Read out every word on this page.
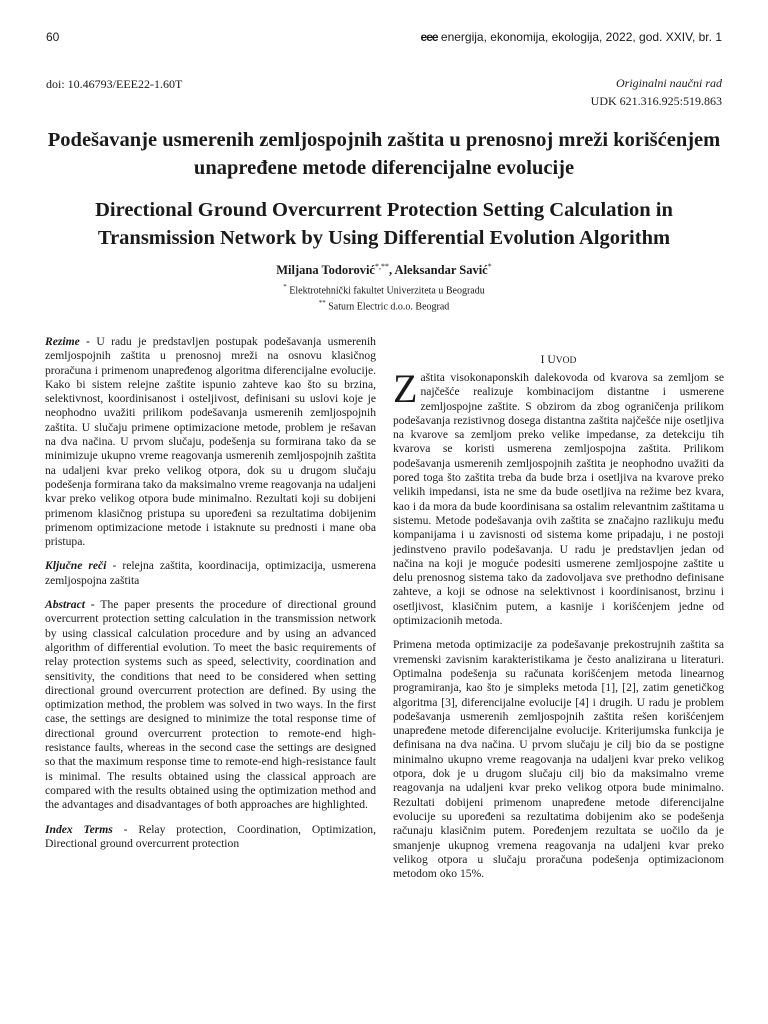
60	eee energija, ekonomija, ekologija, 2022, god. XXIV, br. 1
doi: 10.46793/EEE22-1.60T	Originalni naučni rad
UDK 621.316.925:519.863
Podešavanje usmerenih zemljospojnih zaštita u prenosnoj mreži korišćenjem unapređene metode diferencijalne evolucije
Directional Ground Overcurrent Protection Setting Calculation in Transmission Network by Using Differential Evolution Algorithm
Miljana Todorović*,**, Aleksandar Savić*
* Elektrotehnički fakultet Univerziteta u Beogradu
** Saturn Electric d.o.o. Beograd

Rezime - U radu je predstavljen postupak podešavanja usmerenih zemljospojnih zaštita u prenosnoj mreži na osnovu klasičnog proračuna i primenom unapređenog algoritma diferencijalne evolucije. Kako bi sistem relejne zaštite ispunio zahteve kao što su brzina, selektivnost, koordinisanost i osteljivost, definisani su uslovi koje je neophodno uvažiti prilikom podešavanja usmerenih zemljospojnih zaštita. U slučaju primene optimizacione metode, problem je rešavan na dva načina. U prvom slučaju, podešenja su formirana tako da se minimizuje ukupno vreme reagovanja usmerenih zemljospojnih zaštita na udaljeni kvar preko velikog otpora, dok su u drugom slučaju podešenja formirana tako da maksimalno vreme reagovanja na udaljeni kvar preko velikog otpora bude minimalno. Rezultati koji su dobijeni primenom klasičnog pristupa su upoređeni sa rezultatima dobijenim primenom optimizacione metode i istaknute su prednosti i mane oba pristupa.

Ključne reči - relejna zaštita, koordinacija, optimizacija, usmerena zemljospojna zaštita

Abstract - The paper presents the procedure of directional ground overcurrent protection setting calculation in the transmission network by using classical calculation procedure and by using an advanced algorithm of differential evolution. To meet the basic requirements of relay protection systems such as speed, selectivity, coordination and sensitivity, the conditions that need to be considered when setting directional ground overcurrent protection are defined. By using the optimization method, the problem was solved in two ways. In the first case, the settings are designed to minimize the total response time of directional ground overcurrent protection to remote-end high-resistance faults, whereas in the second case the settings are designed so that the maximum response time to remote-end high-resistance fault is minimal. The results obtained using the classical approach are compared with the results obtained using the optimization method and the advantages and disadvantages of both approaches are highlighted.

Index Terms - Relay protection, Coordination, Optimization, Directional ground overcurrent protection

I UVOD

Zaštita visokonaponskih dalekovoda od kvarova sa zemljom se najčešće realizuje kombinacijom distantne i usmerene zemljospojne zaštite. S obzirom da zbog ograničenja prilikom podešavanja rezistivnog dosega distantna zaštita najčešće nije osetljiva na kvarove sa zemljom preko velike impedanse, za detekciju tih kvarova se koristi usmerena zemljospojna zaštita. Prilikom podešavanja usmerenih zemljospojnih zaštita je neophodno uvažiti da pored toga što zaštita treba da bude brza i osetljiva na kvarove preko velikih impedansi, ista ne sme da bude osetljiva na režime bez kvara, kao i da mora da bude koordinisana sa ostalim relevantnim zaštitama u sistemu. Metode podešavanja ovih zaštita se značajno razlikuju među kompanijama i u zavisnosti od sistema kome pripadaju, i ne postoji jedinstveno pravilo podešavanja. U radu je predstavljen jedan od načina na koji je moguće podesiti usmerene zemljospojne zaštite u delu prenosnog sistema tako da zadovoljava sve prethodno definisane zahteve, a koji se odnose na selektivnost i koordinisanost, brzinu i osetljivost, klasičnim putem, a kasnije i korišćenjem jedne od optimizacionih metoda.

Primena metoda optimizacije za podešavanje prekostrujnih zaštita sa vremenski zavisnim karakteristikama je često analizirana u literaturi. Optimalna podešenja su računata korišćenjem metoda linearnog programiranja, kao što je simpleks metoda [1], [2], zatim genetičkog algoritma [3], diferencijalne evolucije [4] i drugih. U radu je problem podešavanja usmerenih zemljospojnih zaštita rešen korišćenjem unapređene metode diferencijalne evolucije. Kriterijumska funkcija je definisana na dva načina. U prvom slučaju je cilj bio da se postigne minimalno ukupno vreme reagovanja na udaljeni kvar preko velikog otpora, dok je u drugom slučaju cilj bio da maksimalno vreme reagovanja na udaljeni kvar preko velikog otpora bude minimalno. Rezultati dobijeni primenom unapređene metode diferencijalne evolucije su upoređeni sa rezultatima dobijenim ako se podešenja računaju klasičnim putem. Poređenjem rezultata se uočilo da je smanjenje ukupnog vremena reagovanja na udaljeni kvar preko velikog otpora u slučaju proračuna podešenja optimizacionom metodom oko 15%.
